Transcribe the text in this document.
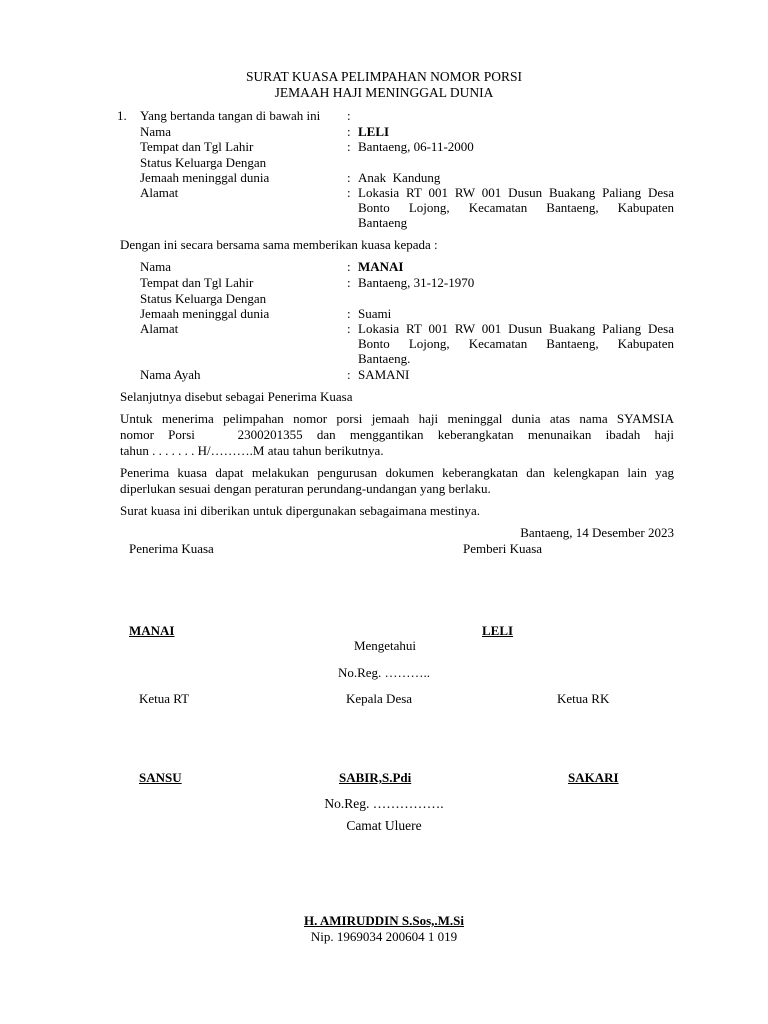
SURAT KUASA PELIMPAHAN NOMOR PORSI
JEMAAH HAJI MENINGGAL DUNIA
1. Yang bertanda tangan di bawah ini :
Nama	: LELI
Tempat dan Tgl Lahir	: Bantaeng, 06-11-2000
Status Keluarga Dengan
Jemaah meninggal dunia	: Anak  Kandung
Alamat	: Lokasia RT 001 RW 001 Dusun Buakang Paliang Desa
Bonto Lojong, Kecamatan Bantaeng, Kabupaten
Bantaeng
Dengan ini secara bersama sama memberikan kuasa kepada :
Nama	: MANAI
Tempat dan Tgl Lahir	: Bantaeng, 31-12-1970
Status Keluarga Dengan
Jemaah meninggal dunia	: Suami
Alamat	: Lokasia RT 001 RW 001 Dusun Buakang Paliang Desa
Bonto Lojong, Kecamatan Bantaeng, Kabupaten
Bantaeng.
Nama Ayah	: SAMANI
Selanjutnya disebut sebagai Penerima Kuasa
Untuk menerima pelimpahan nomor porsi jemaah haji meninggal dunia atas nama SYAMSIA
nomor Porsi   2300201355 dan menggantikan keberangkatan menunaikan ibadah haji
tahun . . . . . . . H/……….M atau tahun berikutnya.
Penerima kuasa dapat melakukan pengurusan dokumen keberangkatan dan kelengkapan lain yag
diperlukan sesuai dengan peraturan perundang-undangan yang berlaku.
Surat kuasa ini diberikan untuk dipergunakan sebagaimana mestinya.
Bantaeng, 14 Desember 2023
Penerima Kuasa	Pemberi Kuasa
MANAI	LELI
Mengetahui
No.Reg. ………..
Ketua RT	Kepala Desa	Ketua RK
SANSU	SABIR,S.Pdi	SAKARI
No.Reg. …………….
Camat Uluere
H. AMIRUDDIN S.Sos,.M.Si
Nip. 1969034 200604 1 019
